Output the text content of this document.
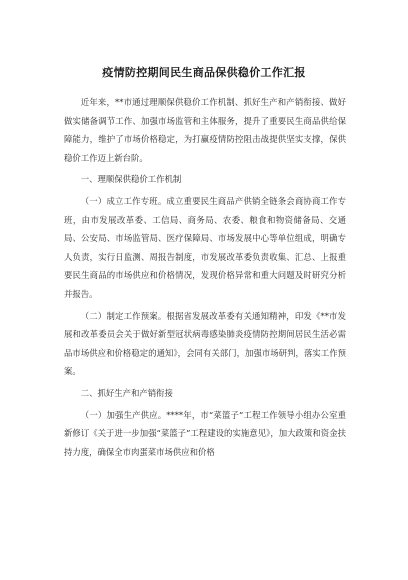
疫情防控期间民生商品保供稳价工作汇报

近年来，**市通过理顺保供稳价工作机制、抓好生产和产销衔接、做好做实储备调节工作、加强市场监管和主体服务，提升了重要民生商品供给保障能力，维护了市场价格稳定，为打赢疫情防控阻击战提供坚实支撑，保供稳价工作迈上新台阶。

一、理顺保供稳价工作机制

（一）成立工作专班。成立重要民生商品产供销全链条会商协商工作专班，由市发展改革委、工信局、商务局、农委、粮食和物资储备局、交通局、公安局、市场监管局、医疗保障局、市场发展中心等单位组成，明确专人负责，实行日监测、周报告制度，市发展改革委负责收集、汇总、上报重要民生商品的市场供应和价格情况，发现价格异常和重大问题及时研究分析并报告。

（二）制定工作预案。根据省发展改革委有关通知精神，印发《**市发展和改革委员会关于做好新型冠状病毒感染肺炎疫情防控期间居民生活必需品市场供应和价格稳定的通知》，会同有关部门，加强市场研判，落实工作预案。

二、抓好生产和产销衔接

（一）加强生产供应。****年，市“菜篮子”工程工作领导小组办公室重新修订《关于进一步加强“菜篮子”工程建设的实施意见》，加大政策和资金扶持力度，确保全市肉蛋菜市场供应和价格
